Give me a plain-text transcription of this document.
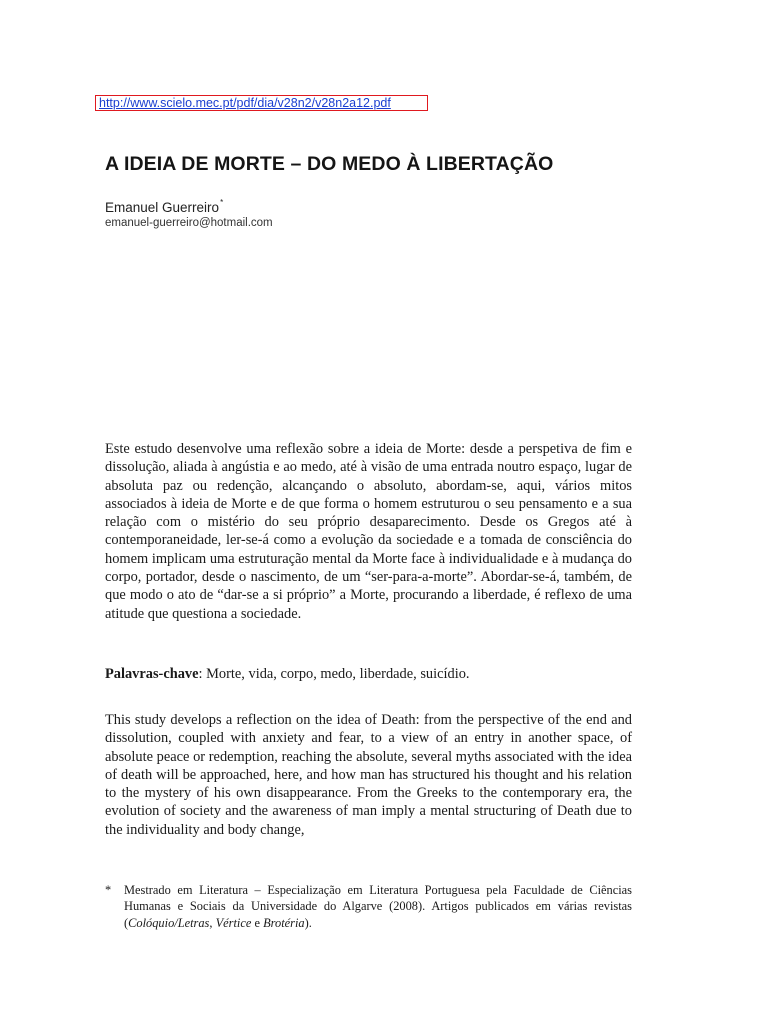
http://www.scielo.mec.pt/pdf/dia/v28n2/v28n2a12.pdf
A IDEIA DE MORTE – DO MEDO À LIBERTAÇÃO
Emanuel Guerreiro*
emanuel-guerreiro@hotmail.com

Este estudo desenvolve uma reflexão sobre a ideia de Morte: desde a perspetiva de fim e dissolução, aliada à angústia e ao medo, até à visão de uma entrada noutro espaço, lugar de absoluta paz ou redenção, alcançando o absoluto, abordam-se, aqui, vários mitos associados à ideia de Morte e de que forma o homem estruturou o seu pensamento e a sua relação com o mistério do seu próprio desaparecimento. Desde os Gregos até à contemporaneidade, ler-se-á como a evolução da sociedade e a tomada de consciência do homem implicam uma estruturação mental da Morte face à individualidade e à mudança do corpo, portador, desde o nascimento, de um “ser-para-a-morte”. Abordar-se-á, também, de que modo o ato de “dar-se a si próprio” a Morte, procurando a liberdade, é reflexo de uma atitude que questiona a sociedade.

Palavras-chave: Morte, vida, corpo, medo, liberdade, suicídio.

This study develops a reflection on the idea of Death: from the perspective of the end and dissolution, coupled with anxiety and fear, to a view of an entry in another space, of absolute peace or redemption, reaching the absolute, several myths associated with the idea of death will be approached, here, and how man has structured his thought and his relation to the mystery of his own disappearance. From the Greeks to the contemporary era, the evolution of society and the awareness of man imply a mental structuring of Death due to the individuality and body change,

* Mestrado em Literatura – Especialização em Literatura Portuguesa pela Faculdade de Ciências Humanas e Sociais da Universidade do Algarve (2008). Artigos publicados em várias revistas (Colóquio/Letras, Vértice e Brotéria).
